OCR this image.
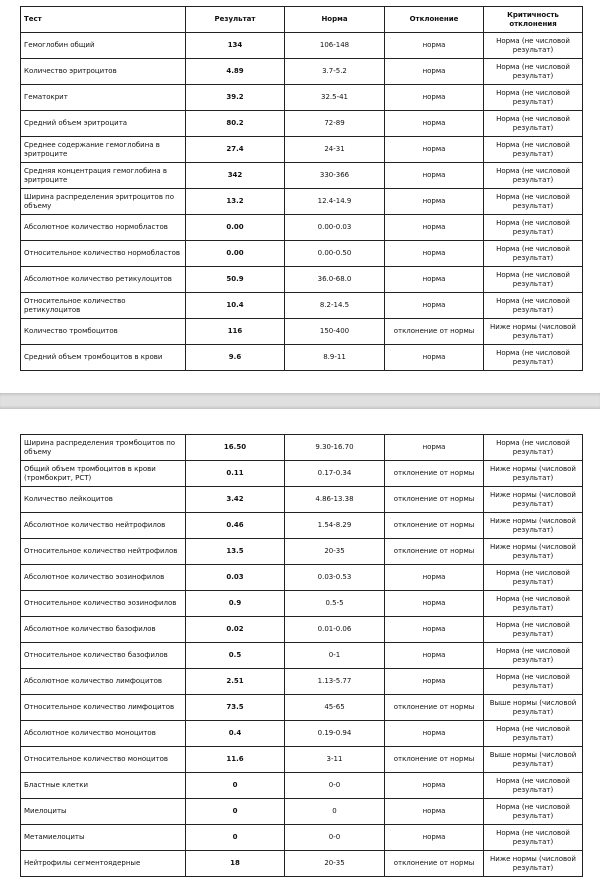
Тест	Результат	Норма	Отклонение	Критичность отклонения
Гемоглобин общий	134	106-148	норма	Норма (не числовой результат)
Количество эритроцитов	4.89	3.7-5.2	норма	Норма (не числовой результат)
Гематокрит	39.2	32.5-41	норма	Норма (не числовой результат)
Средний объем эритроцита	80.2	72-89	норма	Норма (не числовой результат)
Среднее содержание гемоглобина в эритроците	27.4	24-31	норма	Норма (не числовой результат)
Средняя концентрация гемоглобина в эритроците	342	330-366	норма	Норма (не числовой результат)
Ширина распределения эритроцитов по объему	13.2	12.4-14.9	норма	Норма (не числовой результат)
Абсолютное количество нормобластов	0.00	0.00-0.03	норма	Норма (не числовой результат)
Относительное количество нормобластов	0.00	0.00-0.50	норма	Норма (не числовой результат)
Абсолютное количество ретикулоцитов	50.9	36.0-68.0	норма	Норма (не числовой результат)
Относительное количество ретикулоцитов	10.4	8.2-14.5	норма	Норма (не числовой результат)
Количество тромбоцитов	116	150-400	отклонение от нормы	Ниже нормы (числовой результат)
Средний объем тромбоцитов в крови	9.6	8.9-11	норма	Норма (не числовой результат)
Ширина распределения тромбоцитов по объему	16.50	9.30-16.70	норма	Норма (не числовой результат)
Общий объем тромбоцитов в крови (тромбокрит, PCT)	0.11	0.17-0.34	отклонение от нормы	Ниже нормы (числовой результат)
Количество лейкоцитов	3.42	4.86-13.38	отклонение от нормы	Ниже нормы (числовой результат)
Абсолютное количество нейтрофилов	0.46	1.54-8.29	отклонение от нормы	Ниже нормы (числовой результат)
Относительное количество нейтрофилов	13.5	20-35	отклонение от нормы	Ниже нормы (числовой результат)
Абсолютное количество эозинофилов	0.03	0.03-0.53	норма	Норма (не числовой результат)
Относительное количество эозинофилов	0.9	0.5-5	норма	Норма (не числовой результат)
Абсолютное количество базофилов	0.02	0.01-0.06	норма	Норма (не числовой результат)
Относительное количество базофилов	0.5	0-1	норма	Норма (не числовой результат)
Абсолютное количество лимфоцитов	2.51	1.13-5.77	норма	Норма (не числовой результат)
Относительное количество лимфоцитов	73.5	45-65	отклонение от нормы	Выше нормы (числовой результат)
Абсолютное количество моноцитов	0.4	0.19-0.94	норма	Норма (не числовой результат)
Относительное количество моноцитов	11.6	3-11	отклонение от нормы	Выше нормы (числовой результат)
Бластные клетки	0	0-0	норма	Норма (не числовой результат)
Миелоциты	0	0	норма	Норма (не числовой результат)
Метамиелоциты	0	0-0	норма	Норма (не числовой результат)
Нейтрофилы сегментоядерные	18	20-35	отклонение от нормы	Ниже нормы (числовой результат)
